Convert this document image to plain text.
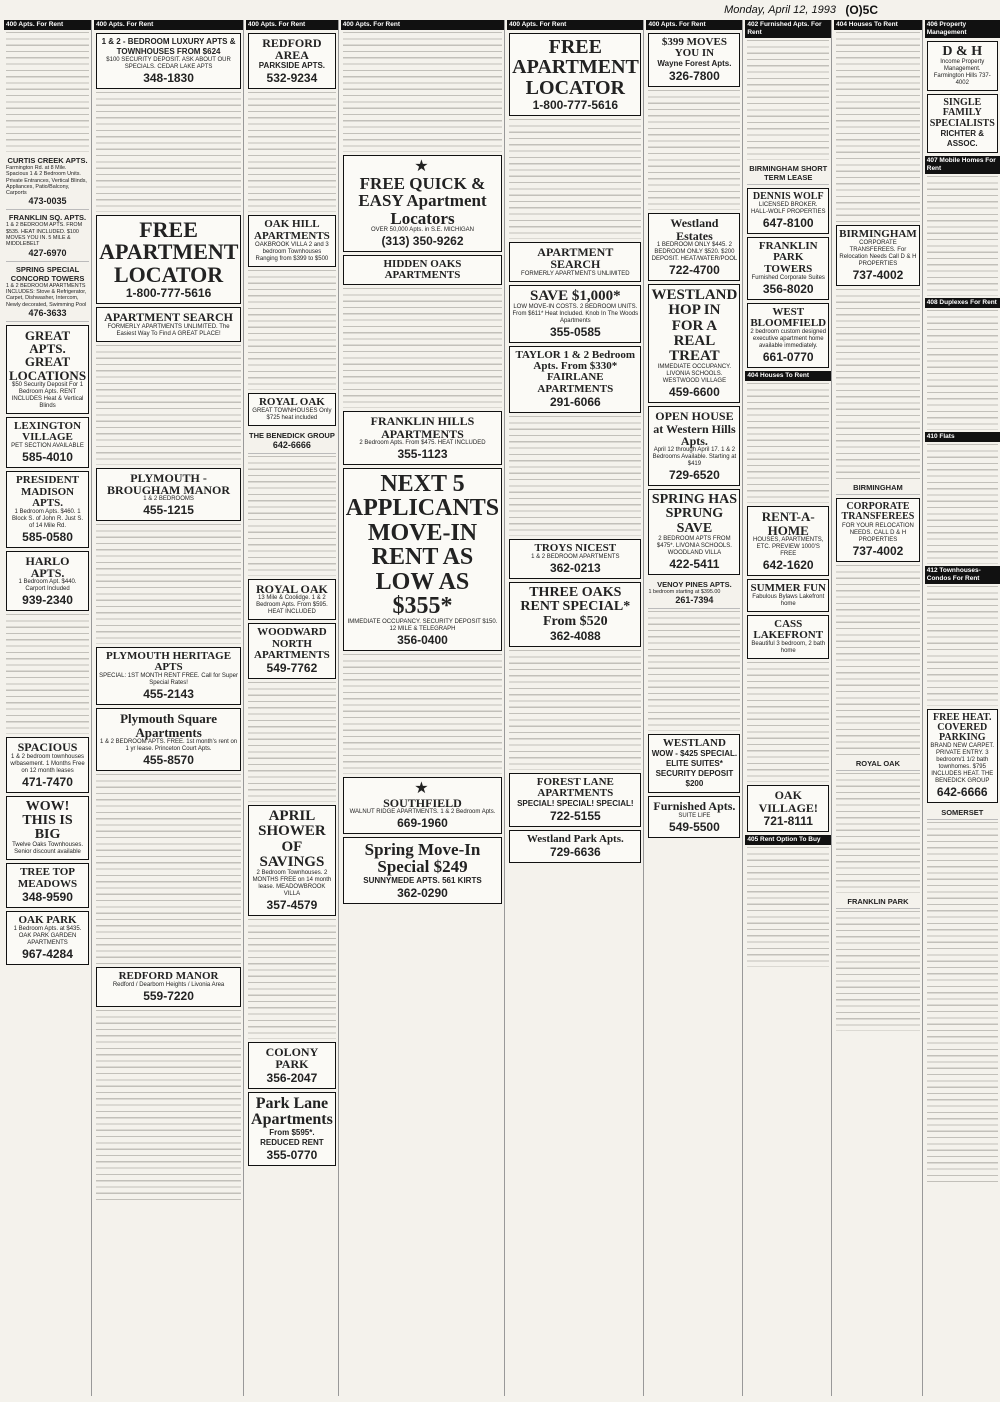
Monday, April 12, 1993 (O)5C
400 Apts. For Rent
CURTIS CREEK APTS.
Farmington Rd. at 8 Mile. Spacious 1 & 2 Bedroom Units. Private Entrances, Vertical Blinds, Appliances, Patio/Balcony, Carports
473-0035
FRANKLIN SQ. APTS.
1 & 2 BEDROOM APTS. FROM $535. HEAT INCLUDED. $100 MOVES YOU IN. 5 MILE & MIDDLEBELT
427-6970
SPRING SPECIAL CONCORD TOWERS
1 & 2 BEDROOM APARTMENTS INCLUDES: Stove & Refrigerator, Carpet, Dishwasher, Intercom, Newly decorated, Swimming Pool
476-3633
GREAT APTS. GREAT LOCATIONS
$50 Security Deposit For 1 Bedroom Apts. RENT INCLUDES Heat & Vertical Blinds
LEXINGTON VILLAGE
PET SECTION AVAILABLE
585-4010
PRESIDENT MADISON APTS.
1 Bedroom Apts. $460. 1 Block S. of John R. Just S. of 14 Mile Rd.
585-0580
HARLO APTS.
1 Bedroom Apt. $440. Carport Included
939-2340
SPACIOUS
1 & 2 bedroom townhouses w/basement. 1 Months Free on 12 month leases
471-7470
WOW! THIS IS BIG
Twelve Oaks Townhouses. Senior discount available
TREE TOP MEADOWS
348-9590
OAK PARK
1 Bedroom Apts. at $435. OAK PARK GARDEN APARTMENTS
967-4284
400 Apts. For Rent
1 & 2 - BEDROOM LUXURY APTS & TOWNHOUSES FROM $624
$100 SECURITY DEPOSIT. ASK ABOUT OUR SPECIALS. CEDAR LAKE APTS
348-1830
FREE APARTMENT LOCATOR
1-800-777-5616
APARTMENT SEARCH
FORMERLY APARTMENTS UNLIMITED. The Easiest Way To Find A GREAT PLACE!
PLYMOUTH - BROUGHAM MANOR
1 & 2 BEDROOMS
455-1215
PLYMOUTH HERITAGE APTS
SPECIAL: 1ST MONTH RENT FREE. Call for Super Special Rates!
455-2143
Plymouth Square Apartments
1 & 2 BEDROOM APTS. FREE. 1st month's rent on 1 yr lease. Princeton Court Apts.
455-8570
REDFORD MANOR
Redford / Dearborn Heights / Livonia Area
559-7220
400 Apts. For Rent
REDFORD AREA
PARKSIDE APTS.
532-9234
OAK HILL APARTMENTS
OAKBROOK VILLA 2 and 3 bedroom Townhouses Ranging from $399 to $500
ROYAL OAK
GREAT TOWNHOUSES Only $725 heat included
THE BENEDICK GROUP
642-6666
ROYAL OAK
13 Mile & Coolidge. 1 & 2 Bedroom Apts. From $595. HEAT INCLUDED
WOODWARD NORTH APARTMENTS
549-7762
APRIL SHOWER OF SAVINGS
2 Bedroom Townhouses. 2 MONTHS FREE on 14 month lease. MEADOWBROOK VILLA
357-4579
COLONY PARK
356-2047
Park Lane Apartments
From $595*. REDUCED RENT
355-0770
400 Apts. For Rent
★
FREE QUICK & EASY Apartment Locators
OVER 50,000 Apts. in S.E. MICHIGAN
(313) 350-9262
HIDDEN OAKS APARTMENTS
FRANKLIN HILLS APARTMENTS
2 Bedroom Apts. From $475. HEAT INCLUDED
355-1123
NEXT 5 APPLICANTS MOVE-IN RENT AS LOW AS $355*
IMMEDIATE OCCUPANCY. SECURITY DEPOSIT $150. 12 MILE & TELEGRAPH
356-0400
★
SOUTHFIELD
WALNUT RIDGE APARTMENTS. 1 & 2 Bedroom Apts.
669-1960
Spring Move-In Special $249
SUNNYMEDE APTS. 561 KIRTS
362-0290
400 Apts. For Rent
FREE APARTMENT LOCATOR
1-800-777-5616
APARTMENT SEARCH
FORMERLY APARTMENTS UNLIMITED
SAVE $1,000*
LOW MOVE-IN COSTS. 2 BEDROOM UNITS. From $611* Heat Included. Knob In The Woods Apartments
355-0585
TAYLOR 1 & 2 Bedroom Apts. From $330* FAIRLANE APARTMENTS
291-6066
TROYS NICEST
1 & 2 BEDROOM APARTMENTS
362-0213
THREE OAKS RENT SPECIAL* From $520
362-4088
FOREST LANE APARTMENTS
SPECIAL! SPECIAL! SPECIAL!
722-5155
Westland Park Apts.
729-6636
400 Apts. For Rent
$399 MOVES YOU IN
Wayne Forest Apts.
326-7800
Westland Estates
1 BEDROOM ONLY $445. 2 BEDROOM ONLY $520. $200 DEPOSIT. HEAT/WATER/POOL
722-4700
WESTLAND HOP IN FOR A REAL TREAT
IMMEDIATE OCCUPANCY. LIVONIA SCHOOLS. WESTWOOD VILLAGE
459-6600
OPEN HOUSE at Western Hills Apts.
April 12 through April 17. 1 & 2 Bedrooms Available. Starting at $419
729-6520
SPRING HAS SPRUNG SAVE
2 BEDROOM APTS FROM $475*. LIVONIA SCHOOLS. WOODLAND VILLA
422-5411
VENOY PINES APTS.
1 bedroom starting at $395.00
261-7394
WESTLAND
WOW - $425 SPECIAL. ELITE SUITES* SECURITY DEPOSIT $200
Furnished Apts.
SUITE LIFE
549-5500
402 Furnished Apts. For Rent
BIRMINGHAM SHORT TERM LEASE
DENNIS WOLF
LICENSED BROKER. HALL-WOLF PROPERTIES
647-8100
FRANKLIN PARK TOWERS
Furnished Corporate Suites
356-8020
WEST BLOOMFIELD
2 bedroom custom designed executive apartment home available immediately.
661-0770
404 Houses To Rent
RENT-A-HOME
HOUSES, APARTMENTS, ETC. PREVIEW 1000'S FREE
642-1620
SUMMER FUN
Fabulous Bylaws Lakefront home
CASS LAKEFRONT
Beautiful 3 bedroom, 2 bath home
OAK VILLAGE!
721-8111
405 Rent Option To Buy
404 Houses To Rent
BIRMINGHAM
CORPORATE TRANSFEREES. For Relocation Needs Call D & H PROPERTIES
737-4002
BIRMINGHAM
CORPORATE TRANSFEREES
FOR YOUR RELOCATION NEEDS. CALL D & H PROPERTIES
737-4002
ROYAL OAK
FRANKLIN PARK
406 Property Management
D & H
Income Property Management. Farmington Hills 737-4002
SINGLE FAMILY SPECIALISTS
RICHTER & ASSOC.
407 Mobile Homes For Rent
408 Duplexes For Rent
410 Flats
412 Townhouses-Condos For Rent
FREE HEAT. COVERED PARKING
BRAND NEW CARPET. PRIVATE ENTRY. 3 bedroom/1 1/2 bath townhomes. $795 INCLUDES HEAT. THE BENEDICK GROUP
642-6666
SOMERSET
